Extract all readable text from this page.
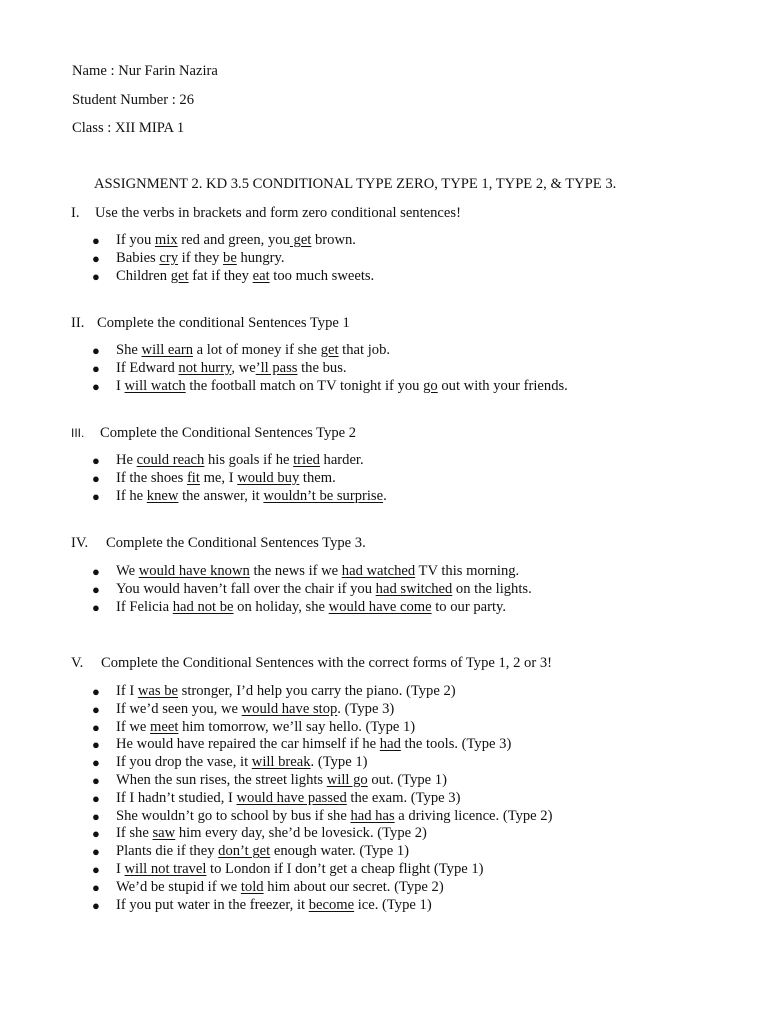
Name : Nur Farin Nazira
Student Number : 26
Class : XII MIPA 1
ASSIGNMENT 2. KD 3.5 CONDITIONAL TYPE ZERO, TYPE 1, TYPE 2, & TYPE 3.
I. Use the verbs in brackets and form zero conditional sentences!
● If you mix red and green, you get brown.
● Babies cry if they be hungry.
● Children get fat if they eat too much sweets.
II. Complete the conditional Sentences Type 1
● She will earn a lot of money if she get that job.
● If Edward not hurry, we’ll pass the bus.
● I will watch the football match on TV tonight if you go out with your friends.
III. Complete the Conditional Sentences Type 2
● He could reach his goals if he tried harder.
● If the shoes fit me, I would buy them.
● If he knew the answer, it wouldn’t be surprise.
IV. Complete the Conditional Sentences Type 3.
● We would have known the news if we had watched TV this morning.
● You would haven’t fall over the chair if you had switched on the lights.
● If Felicia had not be on holiday, she would have come to our party.
V. Complete the Conditional Sentences with the correct forms of Type 1, 2 or 3!
● If I was be stronger, I’d help you carry the piano. (Type 2)
● If we’d seen you, we would have stop. (Type 3)
● If we meet him tomorrow, we’ll say hello. (Type 1)
● He would have repaired the car himself if he had the tools. (Type 3)
● If you drop the vase, it will break. (Type 1)
● When the sun rises, the street lights will go out. (Type 1)
● If I hadn’t studied, I would have passed the exam. (Type 3)
● She wouldn’t go to school by bus if she had has a driving licence. (Type 2)
● If she saw him every day, she’d be lovesick. (Type 2)
● Plants die if they don’t get enough water. (Type 1)
● I will not travel to London if I don’t get a cheap flight (Type 1)
● We’d be stupid if we told him about our secret. (Type 2)
● If you put water in the freezer, it become ice. (Type 1)
